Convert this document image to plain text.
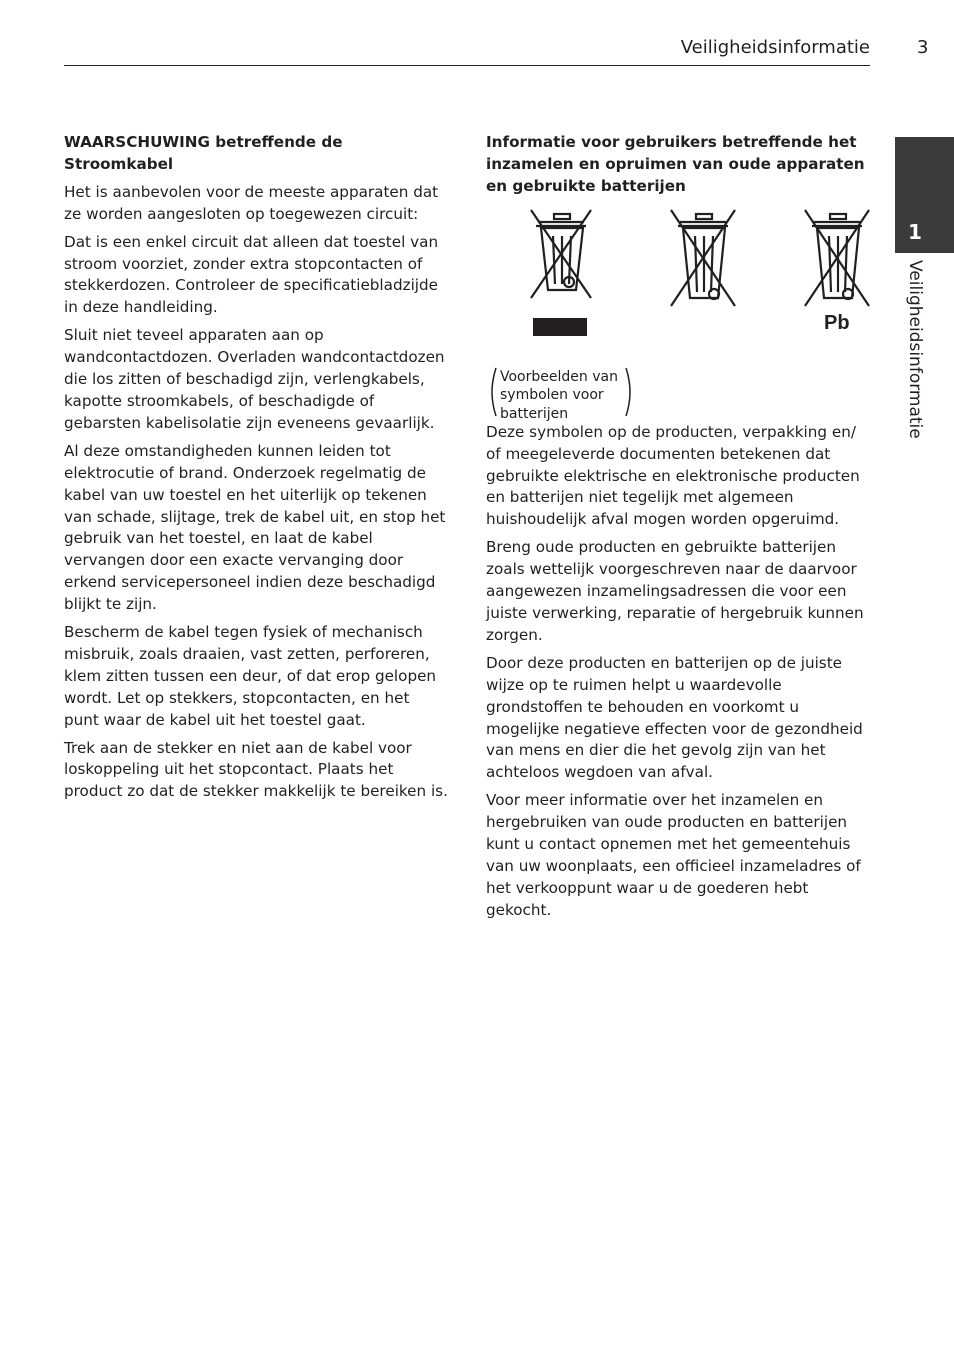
Veiligheidsinformatie	3
1
Veiligheidsinformatie

WAARSCHUWING betreffende de Stroomkabel

Het is aanbevolen voor de meeste apparaten dat ze worden aangesloten op toegewezen circuit:

Dat is een enkel circuit dat alleen dat toestel van stroom voorziet, zonder extra stopcontacten of stekkerdozen. Controleer de specificatiebladzijde in deze handleiding.

Sluit niet teveel apparaten aan op wandcontactdozen. Overladen wandcontactdozen die los zitten of beschadigd zijn, verlengkabels, kapotte stroomkabels, of beschadigde of gebarsten kabelisolatie zijn eveneens gevaarlijk.

Al deze omstandigheden kunnen leiden tot elektrocutie of brand. Onderzoek regelmatig de kabel van uw toestel en het uiterlijk op tekenen van schade, slijtage, trek de kabel uit, en stop het gebruik van het toestel, en laat de kabel vervangen door een exacte vervanging door erkend servicepersoneel indien deze beschadigd blijkt te zijn.

Bescherm de kabel tegen fysiek of mechanisch misbruik, zoals draaien, vast zetten, perforeren, klem zitten tussen een deur, of dat erop gelopen wordt. Let op stekkers, stopcontacten, en het punt waar de kabel uit het toestel gaat.

Trek aan de stekker en niet aan de kabel voor loskoppeling uit het stopcontact. Plaats het product zo dat de stekker makkelijk te bereiken is.

Informatie voor gebruikers betreffende het inzamelen en opruimen van oude apparaten en gebruikte batterijen

Pb
Voorbeelden van symbolen voor batterijen

Deze symbolen op de producten, verpakking en/ of meegeleverde documenten betekenen dat gebruikte elektrische en elektronische producten en batterijen niet tegelijk met algemeen huishoudelijk afval mogen worden opgeruimd.

Breng oude producten en gebruikte batterijen zoals wettelijk voorgeschreven naar de daarvoor aangewezen inzamelingsadressen die voor een juiste verwerking, reparatie of hergebruik kunnen zorgen.

Door deze producten en batterijen op de juiste wijze op te ruimen helpt u waardevolle grondstoffen te behouden en voorkomt u mogelijke negatieve effecten voor de gezondheid van mens en dier die het gevolg zijn van het achteloos wegdoen van afval.

Voor meer informatie over het inzamelen en hergebruiken van oude producten en batterijen kunt u contact opnemen met het gemeentehuis van uw woonplaats, een officieel inzameladres of het verkooppunt waar u de goederen hebt gekocht.
